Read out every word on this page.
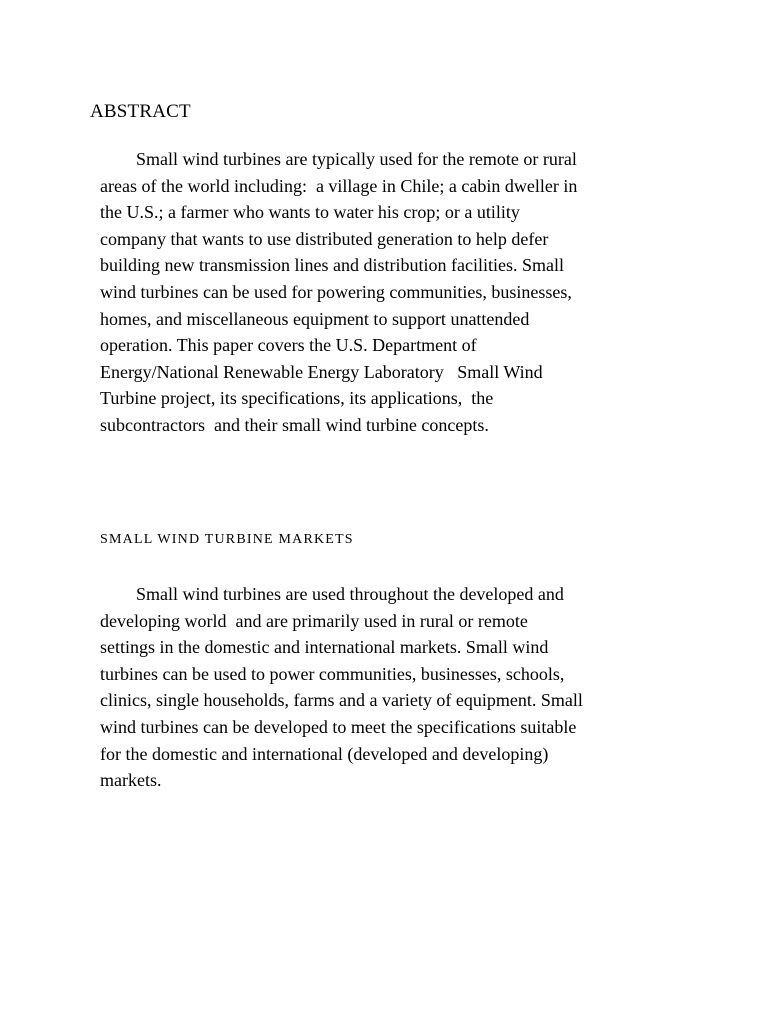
ABSTRACT
Small wind turbines are typically used for the remote or rural
areas of the world including:  a village in Chile; a cabin dweller in
the U.S.; a farmer who wants to water his crop; or a utility
company that wants to use distributed generation to help defer
building new transmission lines and distribution facilities. Small
wind turbines can be used for powering communities, businesses,
homes, and miscellaneous equipment to support unattended
operation. This paper covers the U.S. Department of
Energy/National Renewable Energy Laboratory   Small Wind
Turbine project, its specifications, its applications,  the
subcontractors  and their small wind turbine concepts.
SMALL WIND TURBINE MARKETS
Small wind turbines are used throughout the developed and
developing world  and are primarily used in rural or remote
settings in the domestic and international markets. Small wind
turbines can be used to power communities, businesses, schools,
clinics, single households, farms and a variety of equipment. Small
wind turbines can be developed to meet the specifications suitable
for the domestic and international (developed and developing)
markets.
